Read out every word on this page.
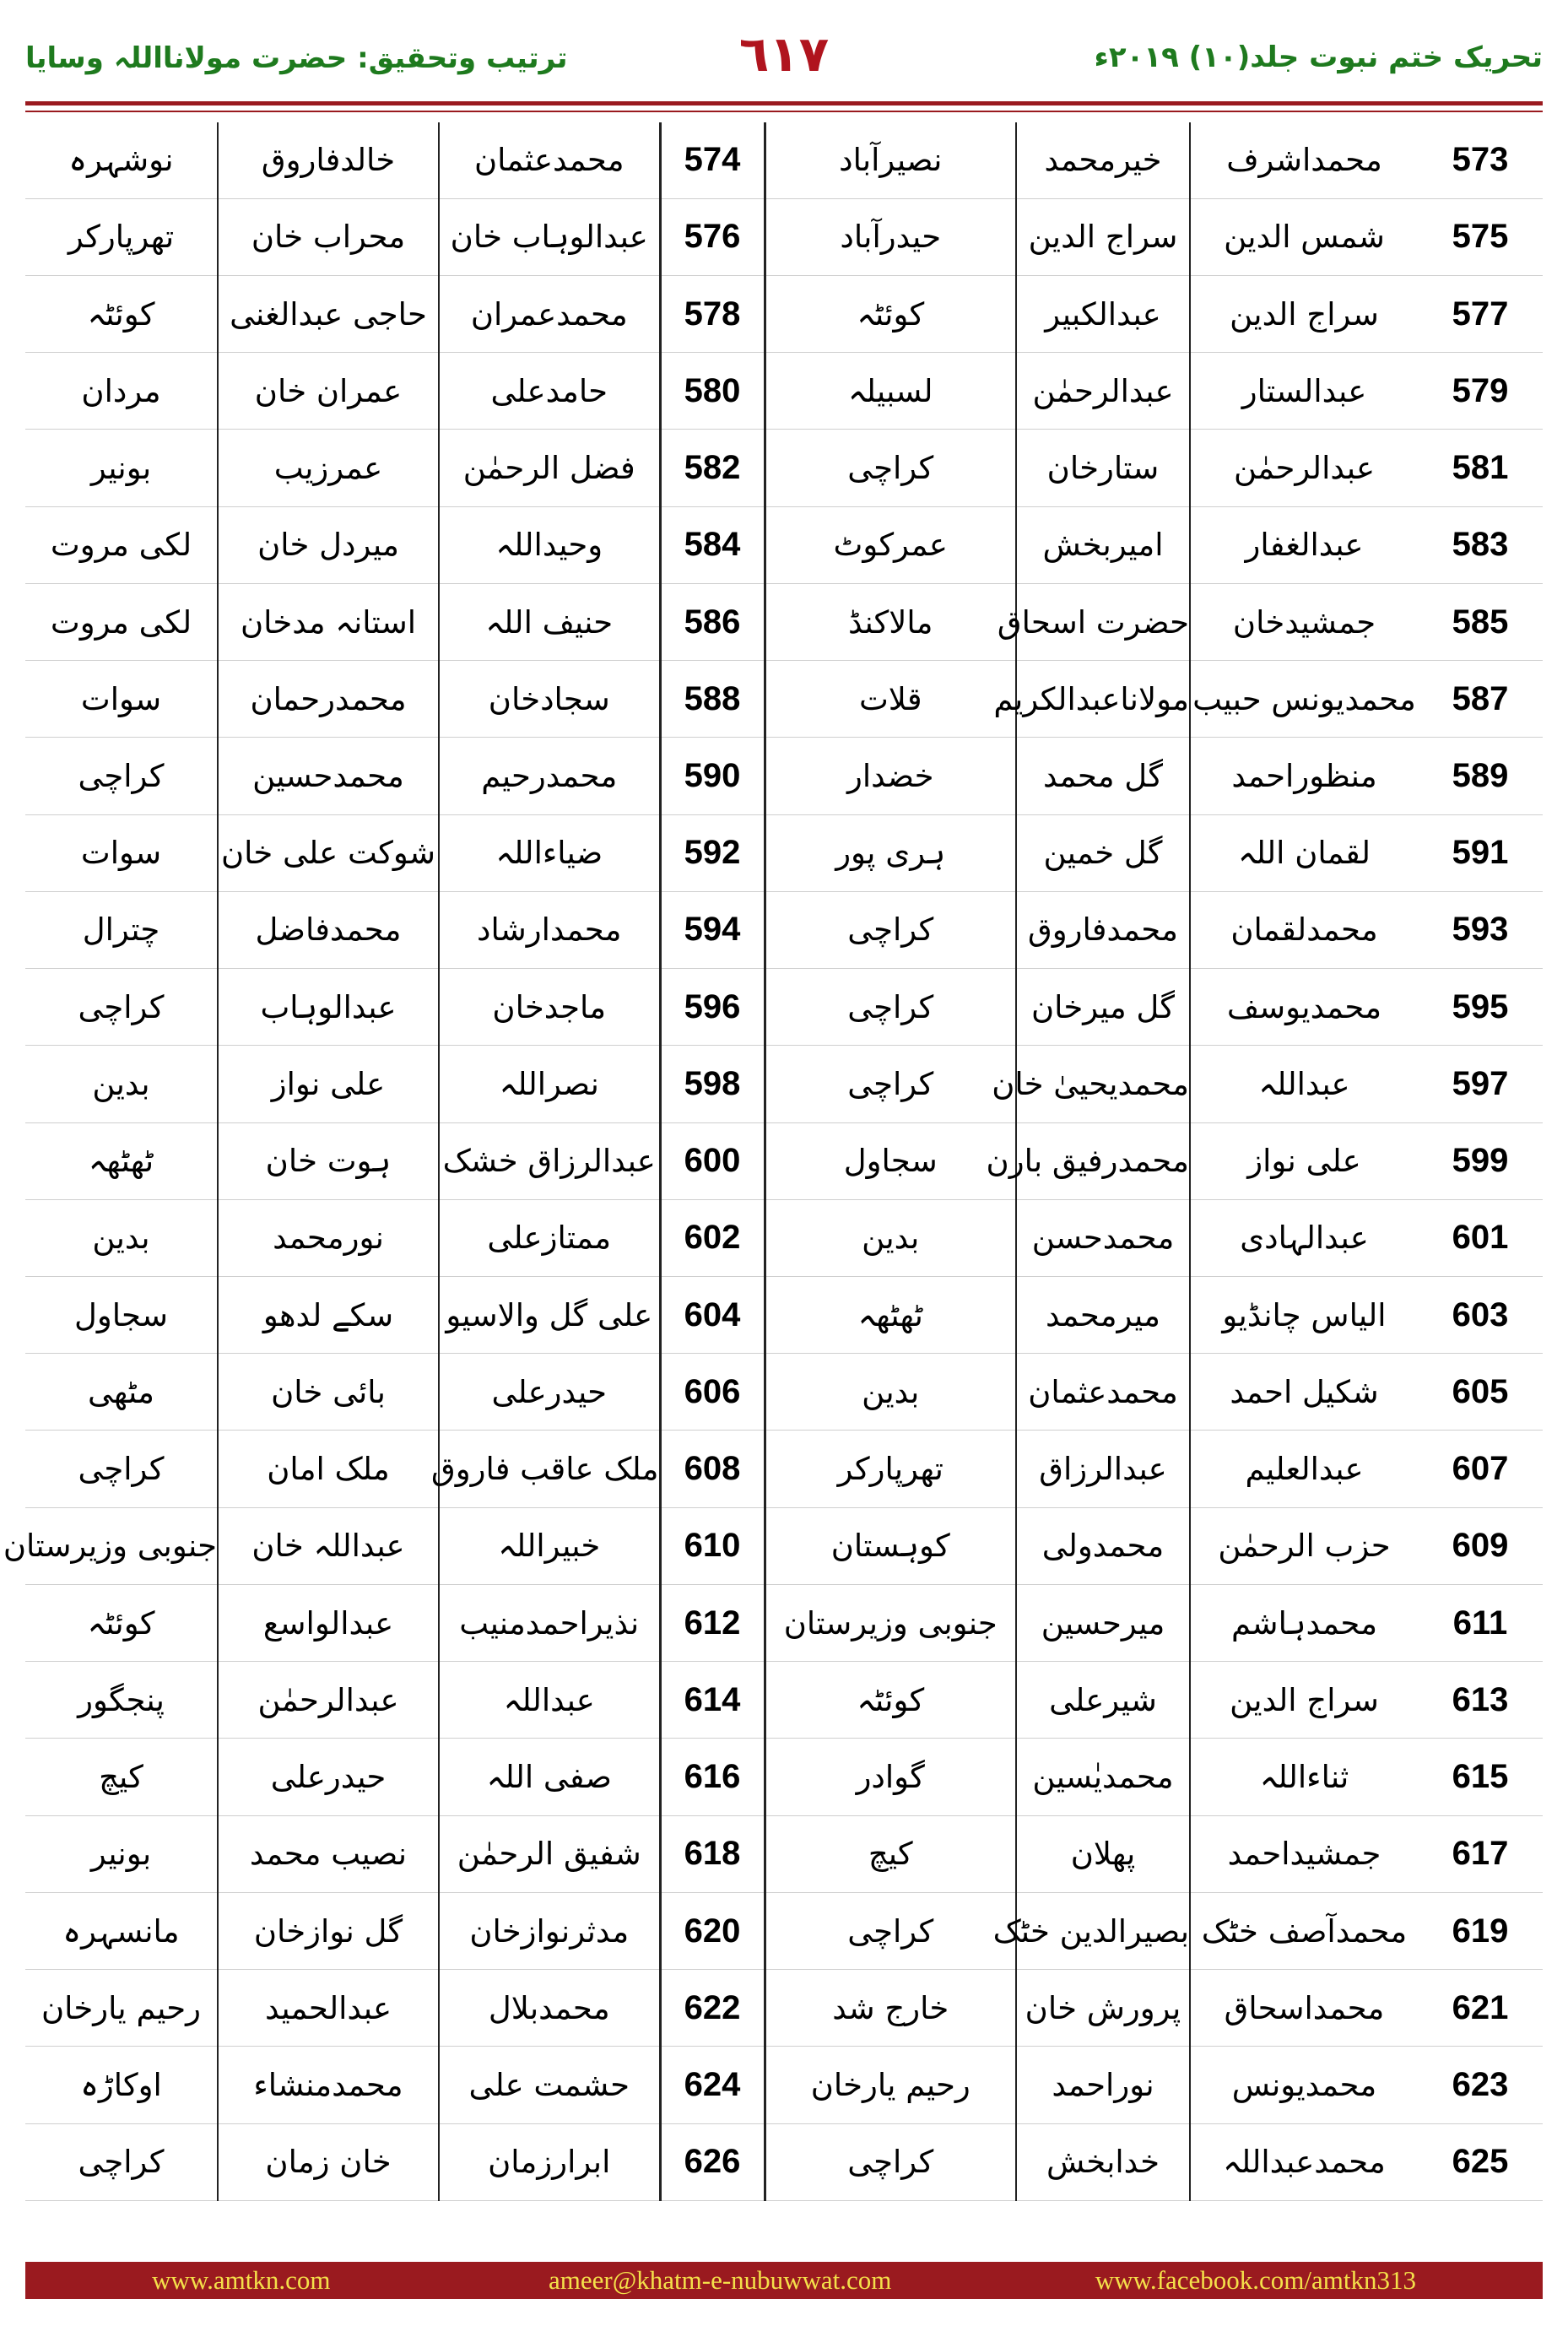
ترتیب وتحقیق: حضرت مولانااللہ وسایا	٦١٧	تحریک ختم نبوت جلد(۱۰) ۲۰۱۹ء
نوشہرہ	خالدفاروق	محمدعثمان	574	نصیرآباد	خیرمحمد	محمداشرف	573
تھرپارکر	محراب خان	عبدالوہاب خان	576	حیدرآباد	سراج الدین	شمس الدین	575
کوئٹہ	حاجی عبدالغنی	محمدعمران	578	کوئٹہ	عبدالکبیر	سراج الدین	577
مردان	عمران خان	حامدعلی	580	لسبیلہ	عبدالرحمٰن	عبدالستار	579
بونیر	عمرزیب	فضل الرحمٰن	582	کراچی	ستارخان	عبدالرحمٰن	581
لکی مروت	میردل خان	وحیداللہ	584	عمرکوٹ	امیربخش	عبدالغفار	583
لکی مروت	استانہ مدخان	حنیف اللہ	586	مالاکنڈ	حضرت اسحاق	جمشیدخان	585
سوات	محمدرحمان	سجادخان	588	قلات	مولاناعبدالکریم	محمدیونس حبیب	587
کراچی	محمدحسین	محمدرحیم	590	خضدار	گل محمد	منظوراحمد	589
سوات	شوکت علی خان	ضیاءاللہ	592	ہری پور	گل خمین	لقمان اللہ	591
چترال	محمدفاضل	محمدارشاد	594	کراچی	محمدفاروق	محمدلقمان	593
کراچی	عبدالوہاب	ماجدخان	596	کراچی	گل میرخان	محمدیوسف	595
بدین	علی نواز	نصراللہ	598	کراچی	محمدیحییٰ خان	عبداللہ	597
ٹھٹھہ	ہوت خان	عبدالرزاق خشک	600	سجاول	محمدرفیق بارن	علی نواز	599
بدین	نورمحمد	ممتازعلی	602	بدین	محمدحسن	عبدالہادی	601
سجاول	سکے لدھو	علی گل والاسیو	604	ٹھٹھہ	میرمحمد	الیاس چانڈیو	603
مٹھی	بائی خان	حیدرعلی	606	بدین	محمدعثمان	شکیل احمد	605
کراچی	ملک امان	ملک عاقب فاروق	608	تھرپارکر	عبدالرزاق	عبدالعلیم	607
جنوبی وزیرستان	عبداللہ خان	خبیراللہ	610	کوہستان	محمدولی	حزب الرحمٰن	609
کوئٹہ	عبدالواسع	نذیراحمدمنیب	612	جنوبی وزیرستان	میرحسین	محمدہاشم	611
پنجگور	عبدالرحمٰن	عبداللہ	614	کوئٹہ	شیرعلی	سراج الدین	613
کیچ	حیدرعلی	صفی اللہ	616	گوادر	محمدیٰسین	ثناءاللہ	615
بونیر	نصیب محمد	شفیق الرحمٰن	618	کیچ	پھلان	جمشیداحمد	617
مانسہرہ	گل نوازخان	مدثرنوازخان	620	کراچی	بصیرالدین خٹک	محمدآصف خٹک	619
رحیم یارخان	عبدالحمید	محمدبلال	622	خارج شد	پرورش خان	محمداسحاق	621
اوکاڑہ	محمدمنشاء	حشمت علی	624	رحیم یارخان	نوراحمد	محمدیونس	623
کراچی	خان زمان	ابرارزمان	626	کراچی	خدابخش	محمدعبداللہ	625
www.amtkn.com	ameer@khatm-e-nubuwwat.com	www.facebook.com/amtkn313
